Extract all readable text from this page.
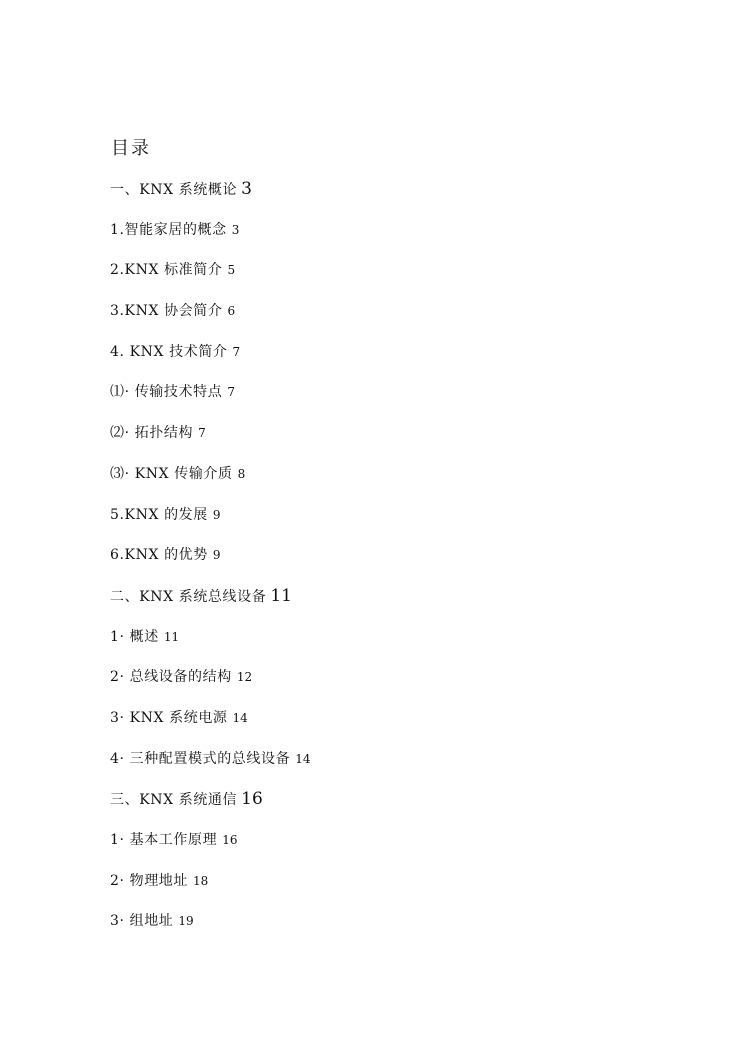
目录
一、KNX 系统概论 3
1.智能家居的概念 3
2.KNX 标准简介 5
3.KNX 协会简介 6
4. KNX 技术简介 7
⑴· 传输技术特点 7
⑵· 拓扑结构 7
⑶· KNX 传输介质 8
5.KNX 的发展 9
6.KNX 的优势 9
二、KNX 系统总线设备 11
1· 概述 11
2· 总线设备的结构 12
3· KNX 系统电源 14
4· 三种配置模式的总线设备 14
三、KNX 系统通信 16
1· 基本工作原理 16
2· 物理地址 18
3· 组地址 19
